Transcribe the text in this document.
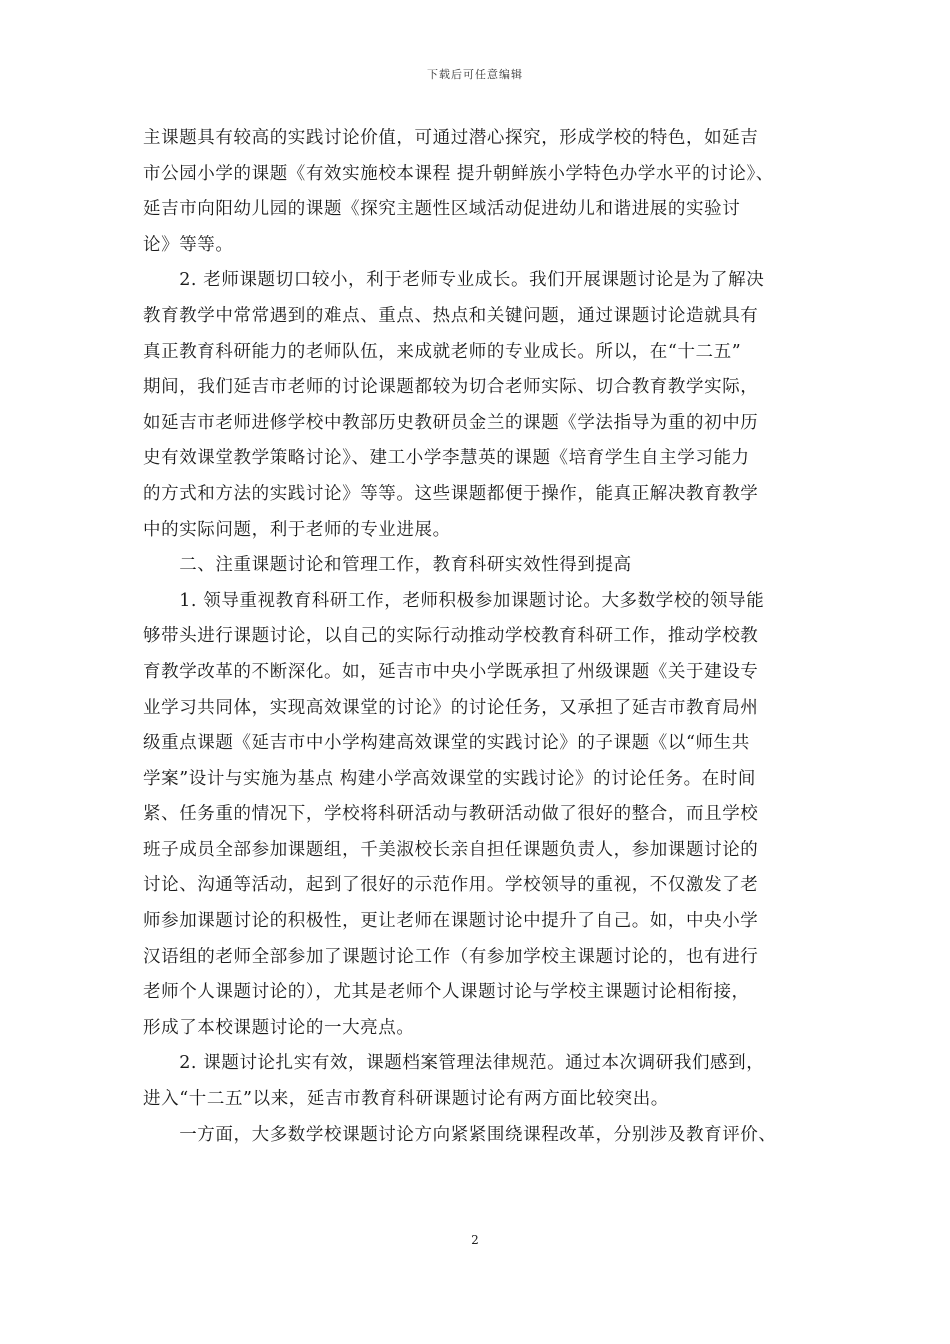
下载后可任意编辑
主课题具有较高的实践讨论价值，可通过潜心探究，形成学校的特色，如延吉
市公园小学的课题《有效实施校本课程 提升朝鲜族小学特色办学水平的讨论》、
延吉市向阳幼儿园的课题《探究主题性区域活动促进幼儿和谐进展的实验讨
论》等等。
　　2. 老师课题切口较小，利于老师专业成长。我们开展课题讨论是为了解决
教育教学中常常遇到的难点、重点、热点和关键问题，通过课题讨论造就具有
真正教育科研能力的老师队伍，来成就老师的专业成长。所以，在“十二五”
期间，我们延吉市老师的讨论课题都较为切合老师实际、切合教育教学实际，
如延吉市老师进修学校中教部历史教研员金兰的课题《学法指导为重的初中历
史有效课堂教学策略讨论》、建工小学李慧英的课题《培育学生自主学习能力
的方式和方法的实践讨论》等等。这些课题都便于操作，能真正解决教育教学
中的实际问题，利于老师的专业进展。
　　二、注重课题讨论和管理工作，教育科研实效性得到提高
　　1. 领导重视教育科研工作，老师积极参加课题讨论。大多数学校的领导能
够带头进行课题讨论，以自己的实际行动推动学校教育科研工作，推动学校教
育教学改革的不断深化。如，延吉市中央小学既承担了州级课题《关于建设专
业学习共同体，实现高效课堂的讨论》的讨论任务，又承担了延吉市教育局州
级重点课题《延吉市中小学构建高效课堂的实践讨论》的子课题《以“师生共
学案”设计与实施为基点 构建小学高效课堂的实践讨论》的讨论任务。在时间
紧、任务重的情况下，学校将科研活动与教研活动做了很好的整合，而且学校
班子成员全部参加课题组，千美淑校长亲自担任课题负责人，参加课题讨论的
讨论、沟通等活动，起到了很好的示范作用。学校领导的重视，不仅激发了老
师参加课题讨论的积极性，更让老师在课题讨论中提升了自己。如，中央小学
汉语组的老师全部参加了课题讨论工作（有参加学校主课题讨论的，也有进行
老师个人课题讨论的），尤其是老师个人课题讨论与学校主课题讨论相衔接，
形成了本校课题讨论的一大亮点。
　　2. 课题讨论扎实有效，课题档案管理法律规范。通过本次调研我们感到，
进入“十二五”以来，延吉市教育科研课题讨论有两方面比较突出。
　　一方面，大多数学校课题讨论方向紧紧围绕课程改革，分别涉及教育评价、
2
